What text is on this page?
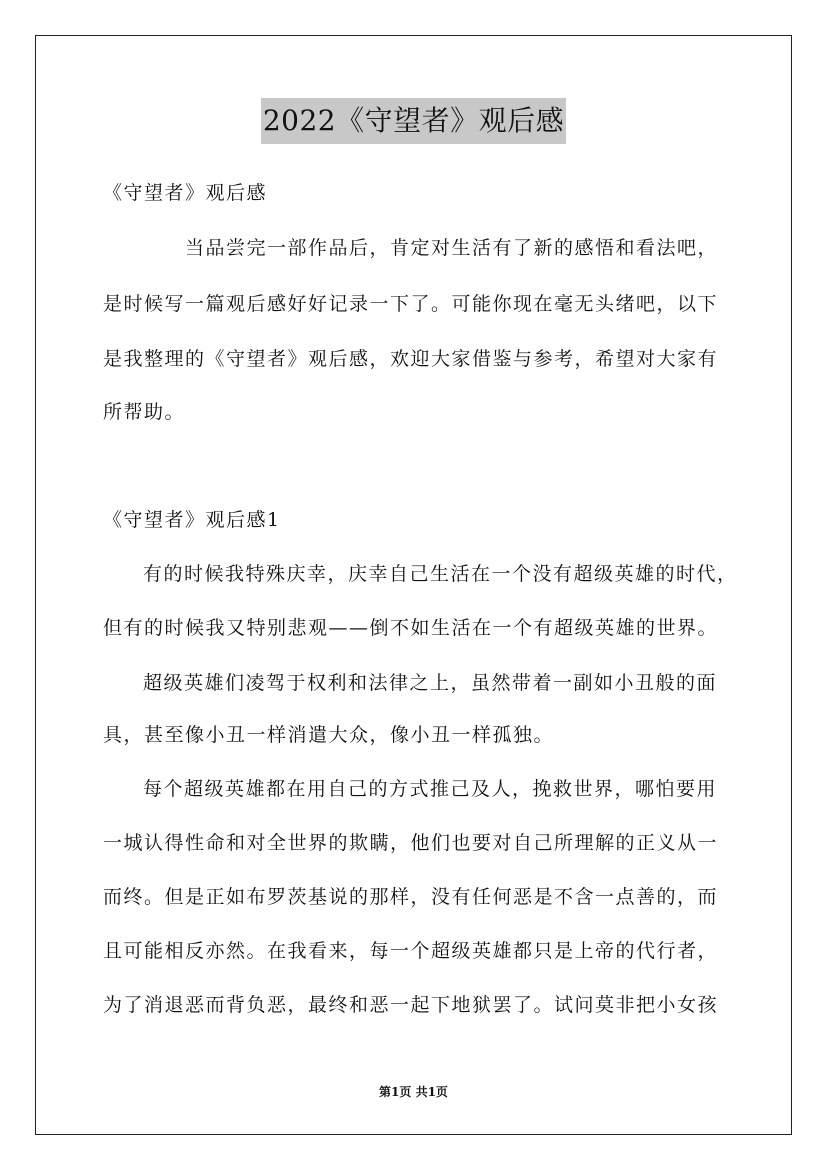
2022《守望者》观后感
《守望者》观后感
当品尝完一部作品后，肯定对生活有了新的感悟和看法吧，
是时候写一篇观后感好好记录一下了。可能你现在毫无头绪吧，以下
是我整理的《守望者》观后感，欢迎大家借鉴与参考，希望对大家有
所帮助。
《守望者》观后感1
有的时候我特殊庆幸，庆幸自己生活在一个没有超级英雄的时代，
但有的时候我又特别悲观——倒不如生活在一个有超级英雄的世界。
超级英雄们凌驾于权利和法律之上，虽然带着一副如小丑般的面
具，甚至像小丑一样消遣大众，像小丑一样孤独。
每个超级英雄都在用自己的方式推己及人，挽救世界，哪怕要用
一城认得性命和对全世界的欺瞒，他们也要对自己所理解的正义从一
而终。但是正如布罗茨基说的那样，没有任何恶是不含一点善的，而
且可能相反亦然。在我看来，每一个超级英雄都只是上帝的代行者，
为了消退恶而背负恶，最终和恶一起下地狱罢了。试问莫非把小女孩
第1页 共1页
